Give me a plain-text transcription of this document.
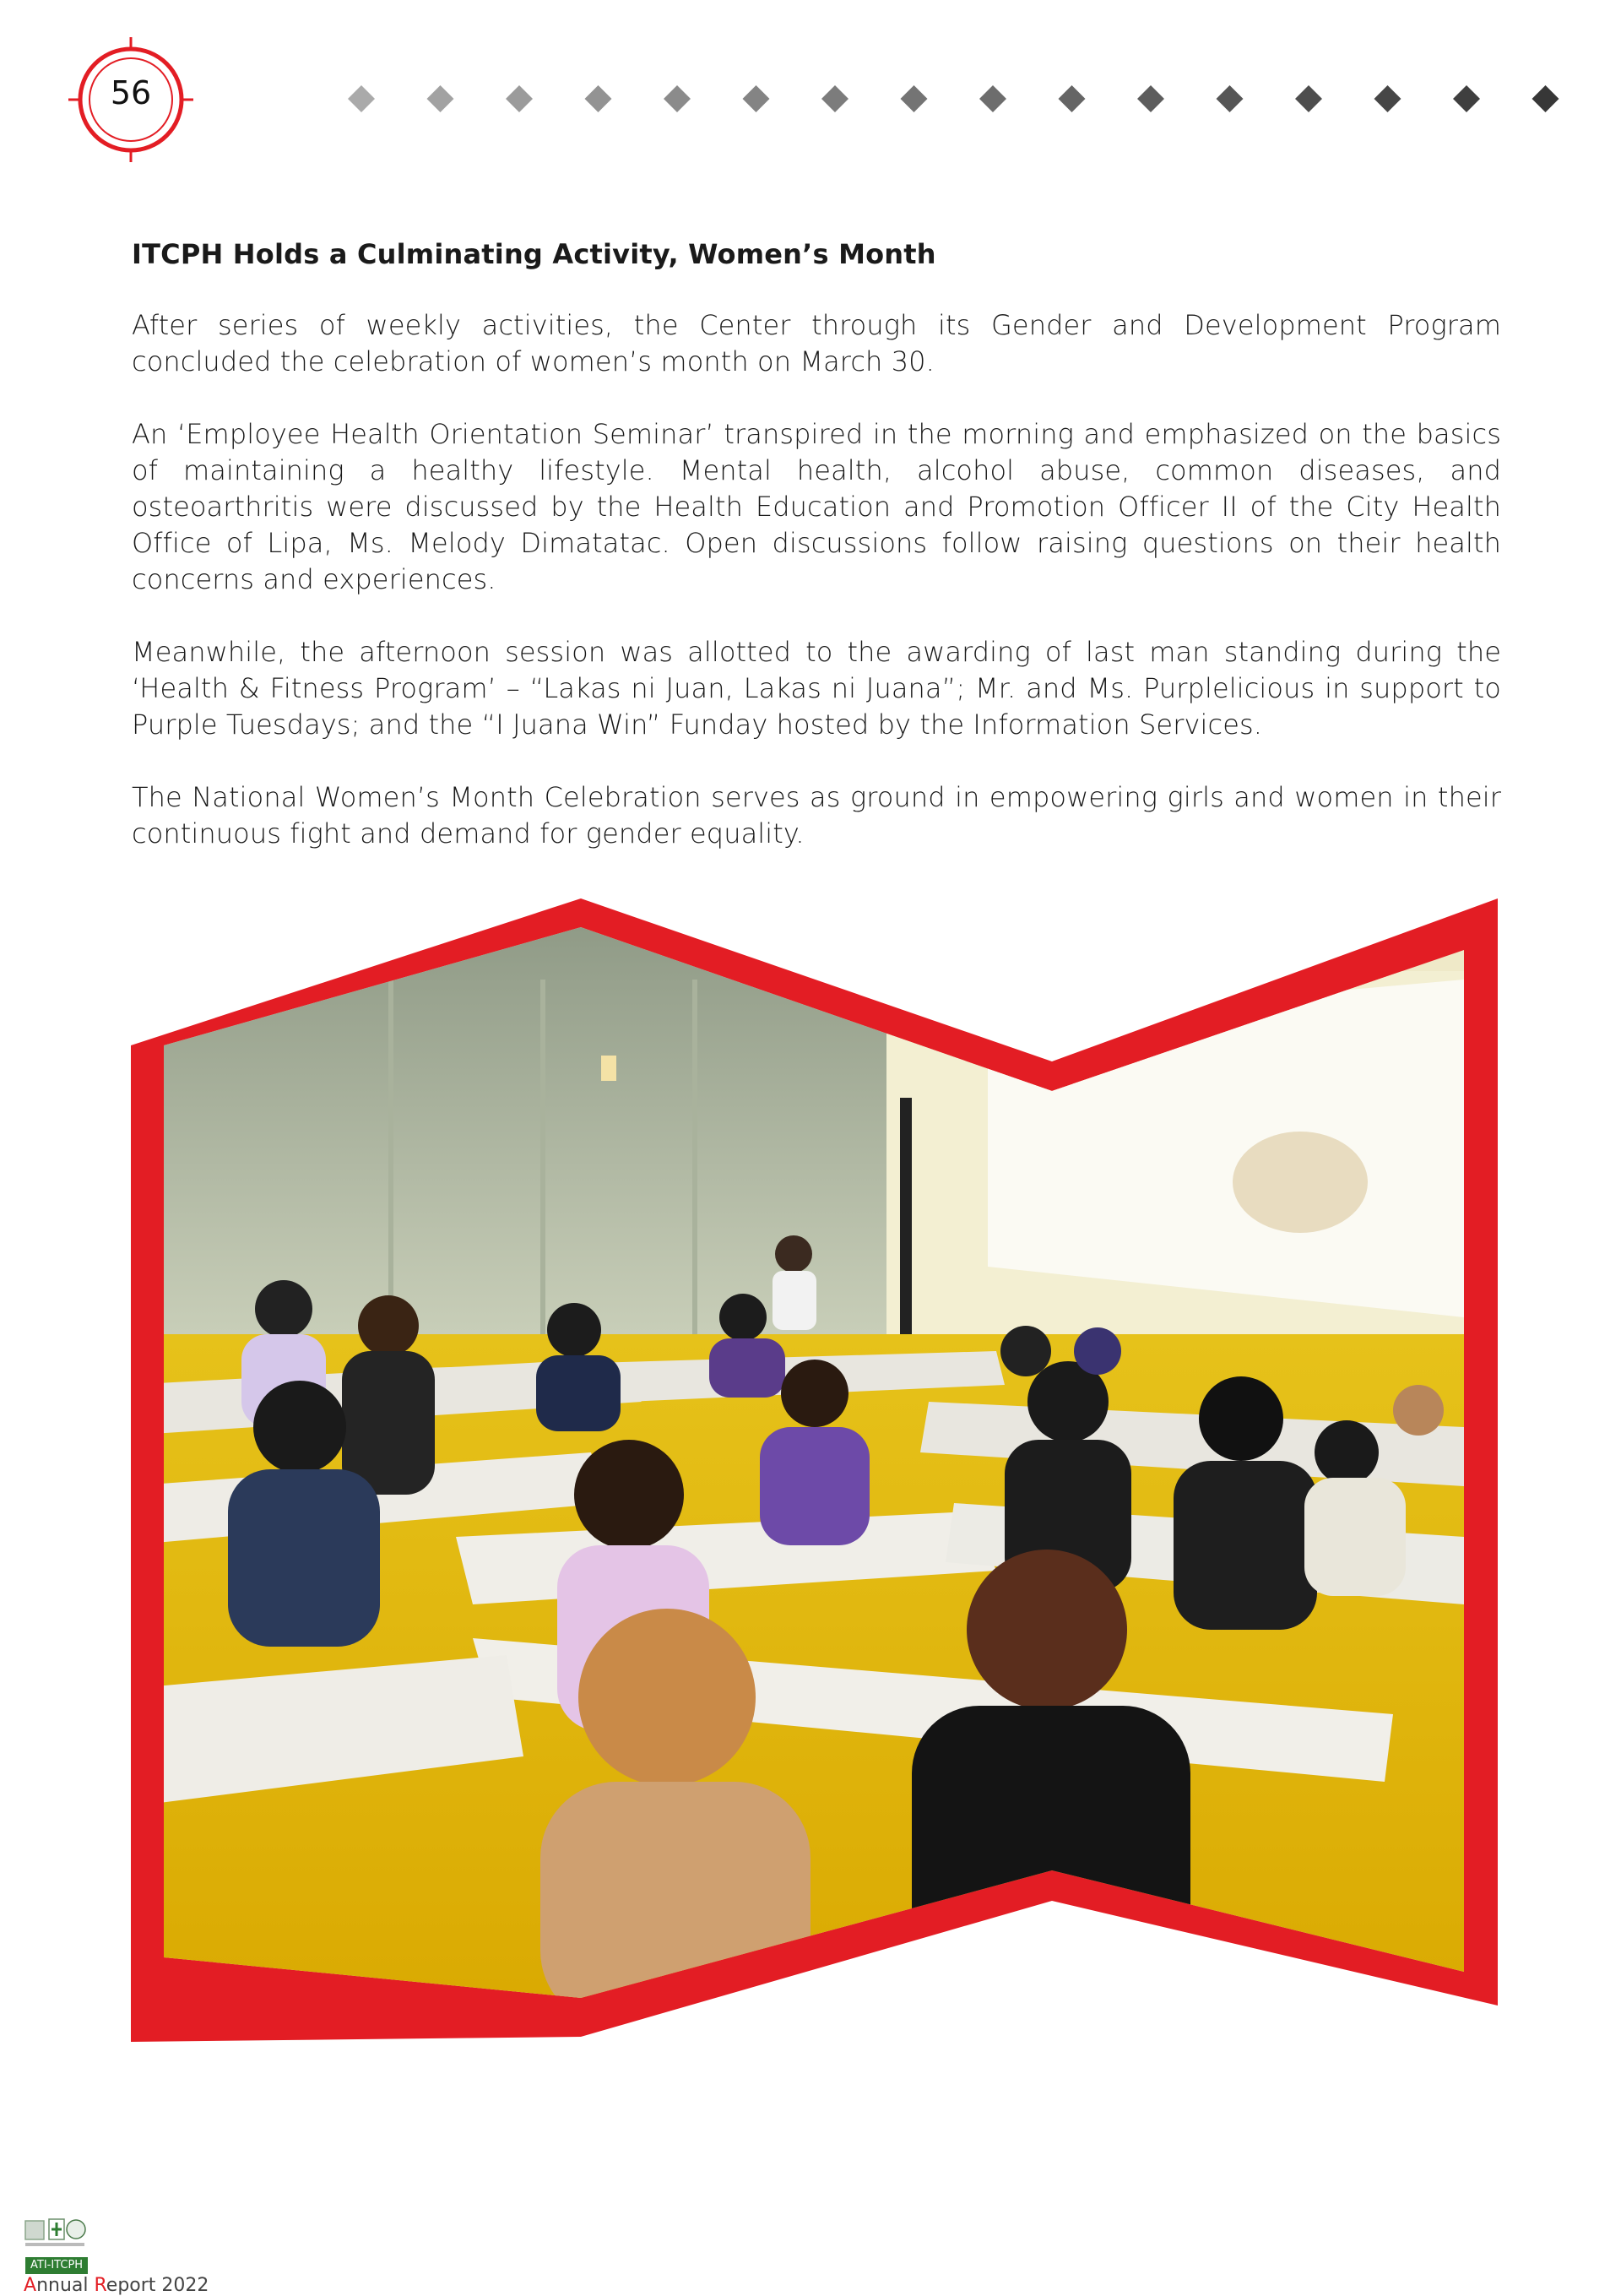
56
ITCPH Holds a Culminating Activity, Women’s Month

After series of weekly activities, the Center through its Gender and Development Program concluded the celebration of women’s month on March 30.

An ‘Employee Health Orientation Seminar’ transpired in the morning and emphasized on the basics of maintaining a healthy lifestyle. Mental health, alcohol abuse, common diseases, and osteoarthritis were discussed by the Health Education and Promotion Officer II of the City Health Office of Lipa, Ms. Melody Dimatatac. Open discussions follow raising questions on their health concerns and experiences.

Meanwhile, the afternoon session was allotted to the awarding of last man standing during the ‘Health & Fitness Program’ – “Lakas ni Juan, Lakas ni Juana”; Mr. and Ms. Purplelicious in support to Purple Tuesdays; and the “I Juana Win” Funday hosted by the Information Services.

The National Women’s Month Celebration serves as ground in empowering girls and women in their continuous fight and demand for gender equality.

ATI-ITCPH
Annual Report 2022
